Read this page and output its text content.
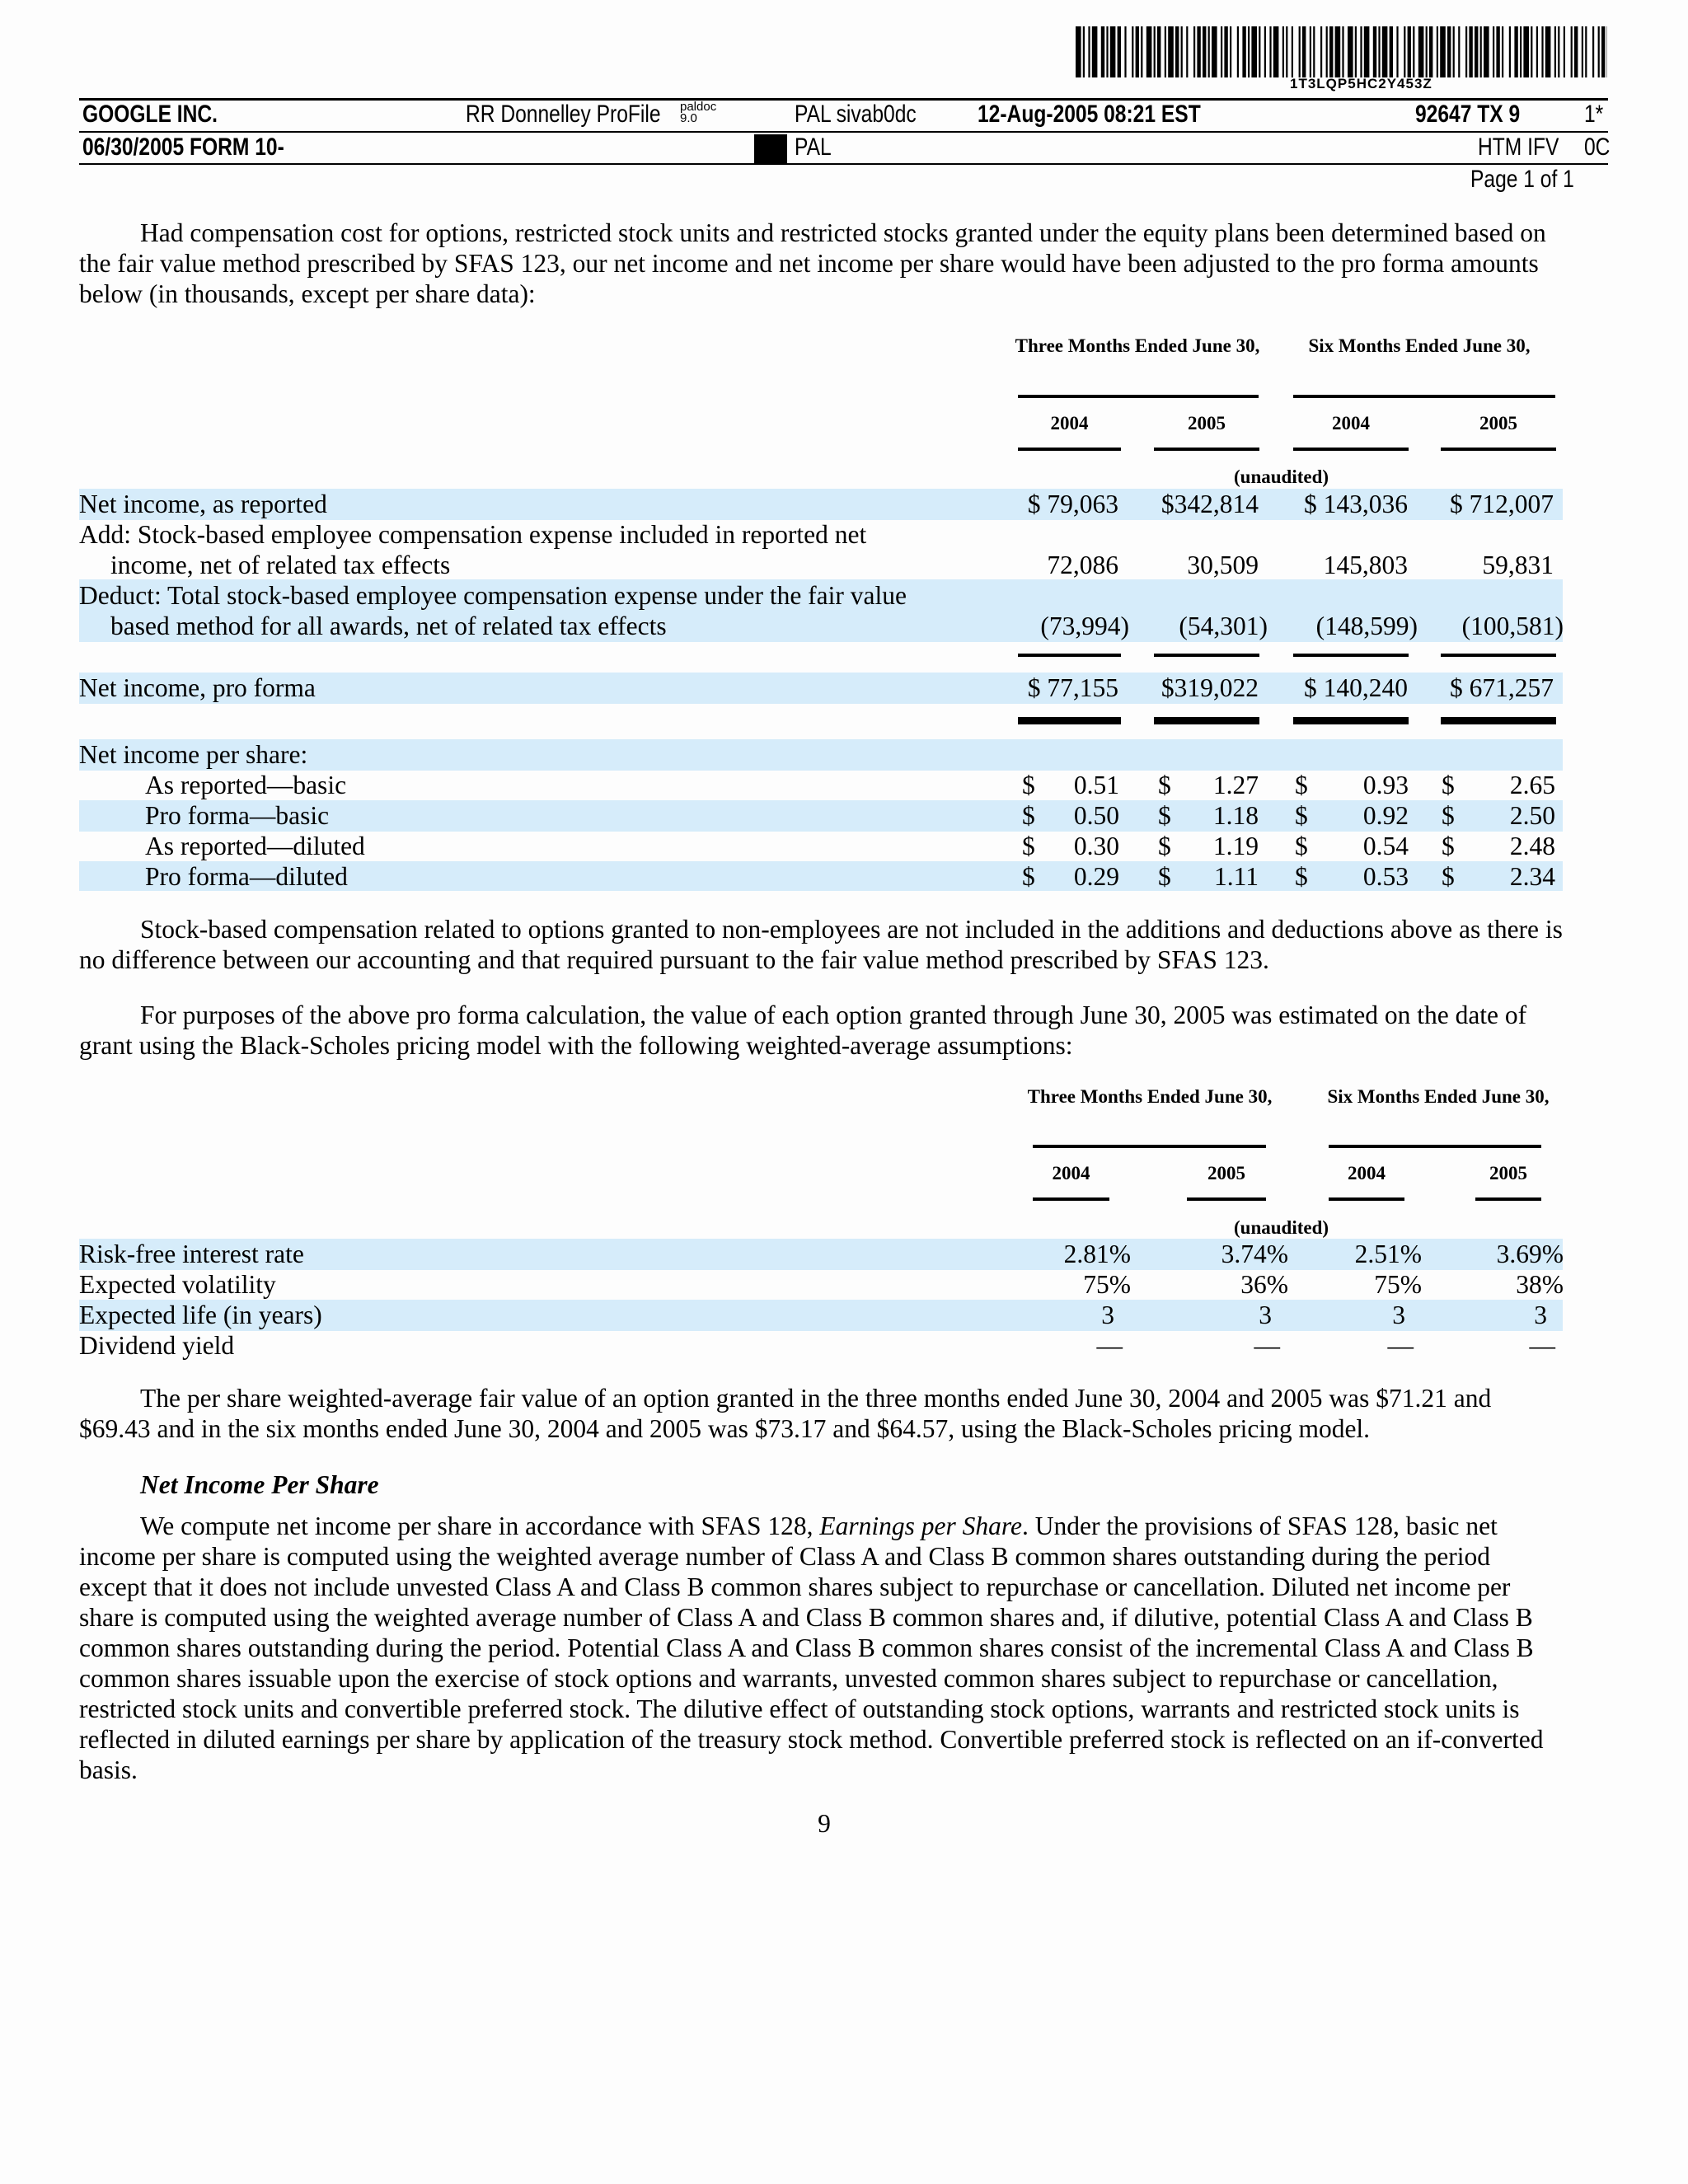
1T3LQP5HC2Y453Z
GOOGLE INC.	RR Donnelley ProFile paldoc
9.0	PAL sivab0dc 12-Aug-2005 08:21 EST	92647 TX 9	1*
06/30/2005 FORM 10-	PAL	HTM IFV 0C
Page 1 of 1
Had compensation cost for options, restricted stock units and restricted stocks granted under the equity plans been determined based on the fair value method prescribed by SFAS 123, our net income and net income per share would have been adjusted to the pro forma amounts below (in thousands, except per share data):
Three Months Ended June 30,	Six Months Ended June 30,
2004	2005	2004	2005
(unaudited)
Net income, as reported	$ 79,063	$342,814	$ 143,036	$ 712,007
Add: Stock-based employee compensation expense included in reported net
income, net of related tax effects	72,086	30,509	145,803	59,831
Deduct: Total stock-based employee compensation expense under the fair value
based method for all awards, net of related tax effects	(73,994)	(54,301)	(148,599)	(100,581)
Net income, pro forma	$ 77,155	$319,022	$ 140,240	$ 671,257
Net income per share:
As reported—basic	$	0.51 $	1.27 $	0.93 $	2.65
Pro forma—basic	$	0.50 $	1.18 $	0.92 $	2.50
As reported—diluted	$	0.30 $	1.19 $	0.54 $	2.48
Pro forma—diluted	$	0.29 $	1.11 $	0.53 $	2.34
Stock-based compensation related to options granted to non-employees are not included in the additions and deductions above as there is no difference between our accounting and that required pursuant to the fair value method prescribed by SFAS 123.
For purposes of the above pro forma calculation, the value of each option granted through June 30, 2005 was estimated on the date of grant using the Black-Scholes pricing model with the following weighted-average assumptions:
Three Months Ended June 30,	Six Months Ended June 30,
2004	2005	2004	2005
(unaudited)
Risk-free interest rate	2.81%	3.74%	2.51%	3.69%
Expected volatility	75%	36%	75%	38%
Expected life (in years)	3	3	3	3
Dividend yield	—	—	—	—
The per share weighted-average fair value of an option granted in the three months ended June 30, 2004 and 2005 was $71.21 and $69.43 and in the six months ended June 30, 2004 and 2005 was $73.17 and $64.57, using the Black-Scholes pricing model.
Net Income Per Share
We compute net income per share in accordance with SFAS 128, Earnings per Share. Under the provisions of SFAS 128, basic net income per share is computed using the weighted average number of Class A and Class B common shares outstanding during the period except that it does not include unvested Class A and Class B common shares subject to repurchase or cancellation. Diluted net income per share is computed using the weighted average number of Class A and Class B common shares and, if dilutive, potential Class A and Class B common shares outstanding during the period. Potential Class A and Class B common shares consist of the incremental Class A and Class B common shares issuable upon the exercise of stock options and warrants, unvested common shares subject to repurchase or cancellation, restricted stock units and convertible preferred stock. The dilutive effect of outstanding stock options, warrants and restricted stock units is reflected in diluted earnings per share by application of the treasury stock method. Convertible preferred stock is reflected on an if-converted basis.
9
